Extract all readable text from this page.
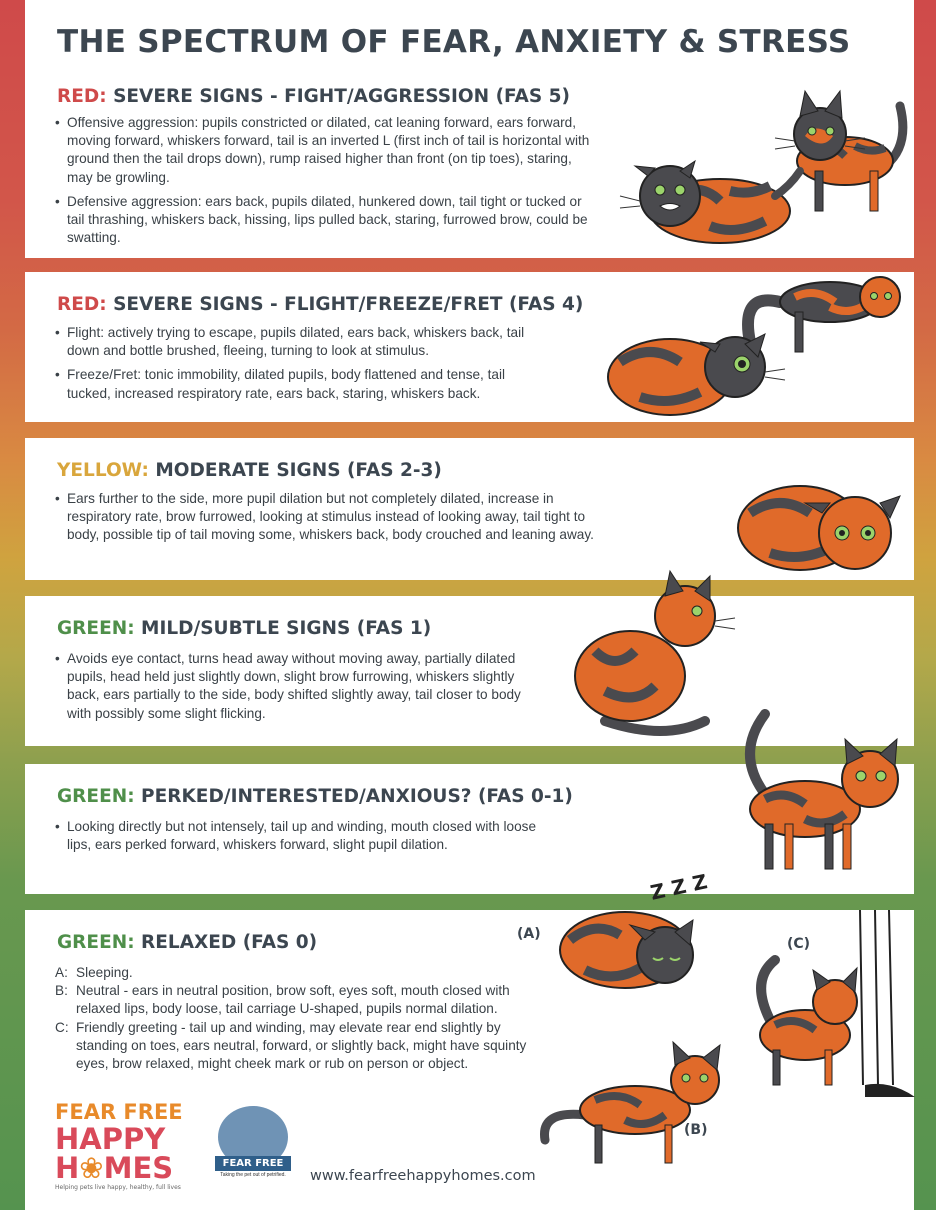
THE SPECTRUM OF FEAR, ANXIETY & STRESS
RED: SEVERE SIGNS - FIGHT/AGGRESSION (FAS 5)
• Offensive aggression: pupils constricted or dilated, cat leaning forward, ears forward, moving forward, whiskers forward, tail is an inverted L (first inch of tail is horizontal with ground then the tail drops down), rump raised higher than front (on tip toes), staring, may be growling.
• Defensive aggression: ears back, pupils dilated, hunkered down, tail tight or tucked or tail thrashing, whiskers back, hissing, lips pulled back, staring, furrowed brow, could be swatting.
RED: SEVERE SIGNS - FLIGHT/FREEZE/FRET (FAS 4)
• Flight: actively trying to escape, pupils dilated, ears back, whiskers back, tail down and bottle brushed, fleeing, turning to look at stimulus.
• Freeze/Fret: tonic immobility, dilated pupils, body flattened and tense, tail tucked, increased respiratory rate, ears back, staring, whiskers back.
YELLOW: MODERATE SIGNS (FAS 2-3)
• Ears further to the side, more pupil dilation but not completely dilated, increase in respiratory rate, brow furrowed, looking at stimulus instead of looking away, tail tight to body, possible tip of tail moving some, whiskers back, body crouched and leaning away.
GREEN: MILD/SUBTLE SIGNS (FAS 1)
• Avoids eye contact, turns head away without moving away, partially dilated pupils, head held just slightly down, slight brow furrowing, whiskers slightly back, ears partially to the side, body shifted slightly away, tail closer to body with possibly some slight flicking.
GREEN: PERKED/INTERESTED/ANXIOUS? (FAS 0-1)
• Looking directly but not intensely, tail up and winding, mouth closed with loose lips, ears perked forward, whiskers forward, slight pupil dilation.
GREEN: RELAXED (FAS 0)
A: Sleeping.
B: Neutral - ears in neutral position, brow soft, eyes soft, mouth closed with relaxed lips, body loose, tail carriage U-shaped, pupils normal dilation.
C: Friendly greeting - tail up and winding, may elevate rear end slightly by standing on toes, ears neutral, forward, or slightly back, might have squinty eyes, brow relaxed, might cheek mark or rub on person or object.
(A)
(B)
(C)
Z Z Z
FEAR FREE
HAPPY
H❀MES
Helping pets live happy, healthy, full lives
FEAR FREE
Taking the pet out of petrified.	www.fearfreehappyhomes.com
